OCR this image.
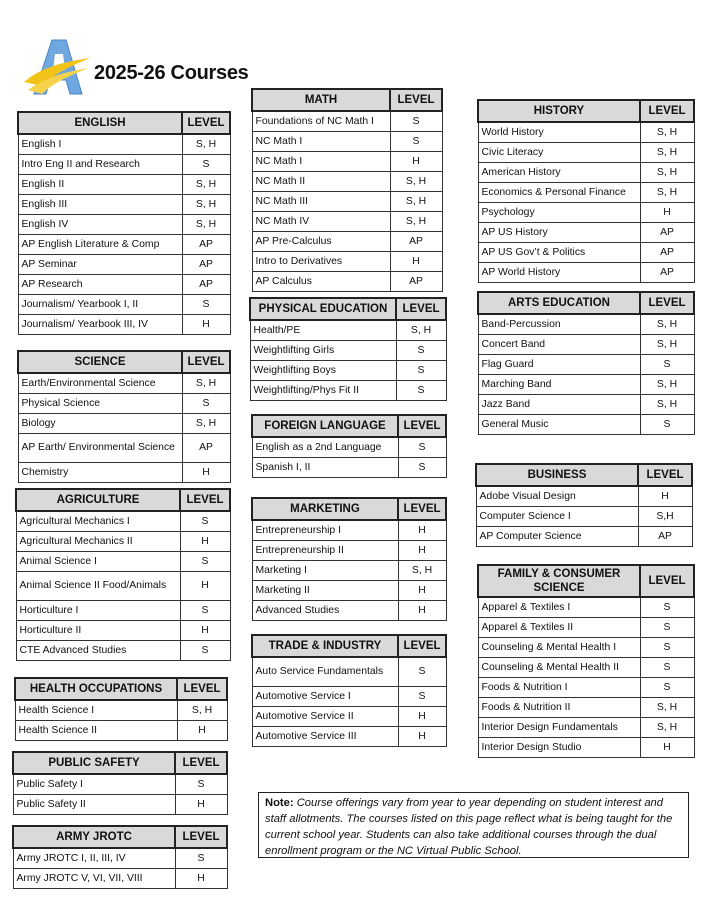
2025-26 Courses
ENGLISH	LEVEL
English I	S, H
Intro Eng II and Research	S
English II	S, H
English III	S, H
English IV	S, H
AP English Literature & Comp	AP
AP Seminar	AP
AP Research	AP
Journalism/ Yearbook I, II	S
Journalism/ Yearbook III, IV	H
SCIENCE	LEVEL
Earth/Environmental Science	S, H
Physical Science	S
Biology	S, H
AP Earth/ Environmental Science	AP
Chemistry	H
AGRICULTURE	LEVEL
Agricultural Mechanics I	S
Agricultural Mechanics II	H
Animal Science I	S
Animal Science II Food/Animals	H
Horticulture I	S
Horticulture II	H
CTE Advanced Studies	S
HEALTH OCCUPATIONS	LEVEL
Health Science I	S, H
Health Science II	H
PUBLIC SAFETY	LEVEL
Public Safety I	S
Public Safety II	H
ARMY JROTC	LEVEL
Army JROTC I, II, III, IV	S
Army JROTC V, VI, VII, VIII	H
MATH	LEVEL
Foundations of NC Math I	S
NC Math I	S
NC Math I	H
NC Math II	S, H
NC Math III	S, H
NC Math IV	S, H
AP Pre-Calculus	AP
Intro to Derivatives	H
AP Calculus	AP
PHYSICAL EDUCATION	LEVEL
Health/PE	S, H
Weightlifting Girls	S
Weightlifting Boys	S
Weightlifting/Phys Fit II	S
FOREIGN LANGUAGE	LEVEL
English as a 2nd Language	S
Spanish I, II	S
MARKETING	LEVEL
Entrepreneurship I	H
Entrepreneurship II	H
Marketing I	S, H
Marketing II	H
Advanced Studies	H
TRADE & INDUSTRY	LEVEL
Auto Service Fundamentals	S
Automotive Service I	S
Automotive Service II	H
Automotive Service III	H
HISTORY	LEVEL
World History	S, H
Civic Literacy	S, H
American History	S, H
Economics & Personal Finance	S, H
Psychology	H
AP US History	AP
AP US Gov’t & Politics	AP
AP World History	AP
ARTS EDUCATION	LEVEL
Band-Percussion	S, H
Concert Band	S, H
Flag Guard	S
Marching Band	S, H
Jazz Band	S, H
General Music	S
BUSINESS	LEVEL
Adobe Visual Design	H
Computer Science I	S,H
AP Computer Science	AP
FAMILY & CONSUMER SCIENCE	LEVEL
Apparel & Textiles I	S
Apparel & Textiles II	S
Counseling & Mental Health I	S
Counseling & Mental Health II	S
Foods & Nutrition I	S
Foods & Nutrition II	S, H
Interior Design Fundamentals	S, H
Interior Design Studio	H
Note: Course offerings vary from year to year depending on student interest and staff allotments. The courses listed on this page reflect what is being taught for the current school year. Students can also take additional courses through the dual enrollment program or the NC Virtual Public School.
